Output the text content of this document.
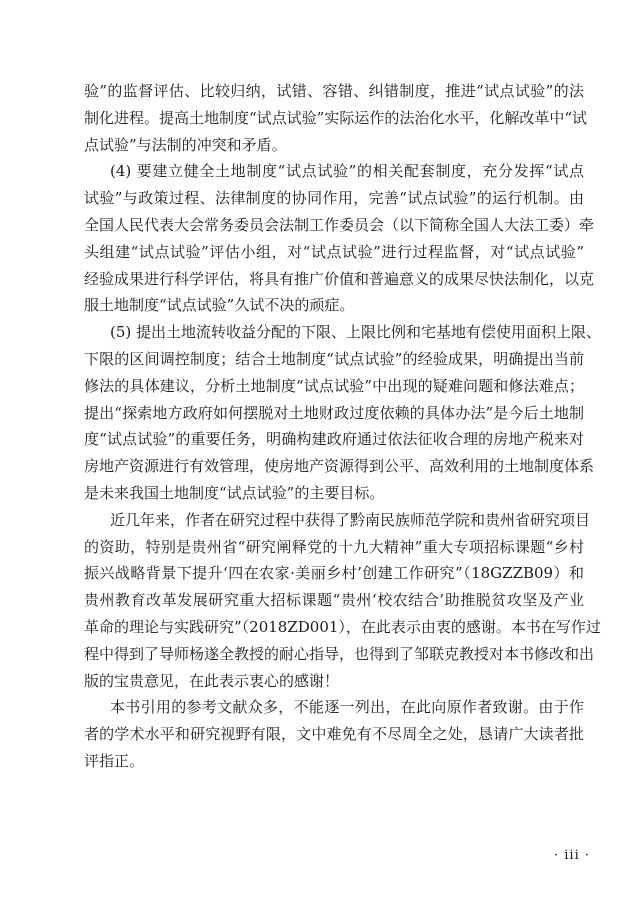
验”的监督评估、比较归纳，试错、容错、纠错制度，推进“试点试验”的法
制化进程。提高土地制度“试点试验”实际运作的法治化水平，化解改革中“试
点试验”与法制的冲突和矛盾。
(4) 要建立健全土地制度“试点试验”的相关配套制度，充分发挥“试点
试验”与政策过程、法律制度的协同作用，完善“试点试验”的运行机制。由
全国人民代表大会常务委员会法制工作委员会（以下简称全国人大法工委）牵
头组建“试点试验”评估小组，对“试点试验”进行过程监督，对“试点试验”
经验成果进行科学评估，将具有推广价值和普遍意义的成果尽快法制化，以克
服土地制度“试点试验”久试不决的顽症。
(5) 提出土地流转收益分配的下限、上限比例和宅基地有偿使用面积上限、
下限的区间调控制度；结合土地制度“试点试验”的经验成果，明确提出当前
修法的具体建议，分析土地制度“试点试验”中出现的疑难问题和修法难点；
提出“探索地方政府如何摆脱对土地财政过度依赖的具体办法”是今后土地制
度“试点试验”的重要任务，明确构建政府通过依法征收合理的房地产税来对
房地产资源进行有效管理，使房地产资源得到公平、高效利用的土地制度体系
是未来我国土地制度“试点试验”的主要目标。
近几年来，作者在研究过程中获得了黔南民族师范学院和贵州省研究项目
的资助，特别是贵州省“研究阐释党的十九大精神”重大专项招标课题“乡村
振兴战略背景下提升‘四在农家·美丽乡村’创建工作研究”（18GZZB09）和
贵州教育改革发展研究重大招标课题“贵州‘校农结合’助推脱贫攻坚及产业
革命的理论与实践研究”（2018ZD001），在此表示由衷的感谢。本书在写作过
程中得到了导师杨遂全教授的耐心指导，也得到了邹联克教授对本书修改和出
版的宝贵意见，在此表示衷心的感谢！
本书引用的参考文献众多，不能逐一列出，在此向原作者致谢。由于作
者的学术水平和研究视野有限，文中难免有不尽周全之处，恳请广大读者批
评指正。
· iii ·
